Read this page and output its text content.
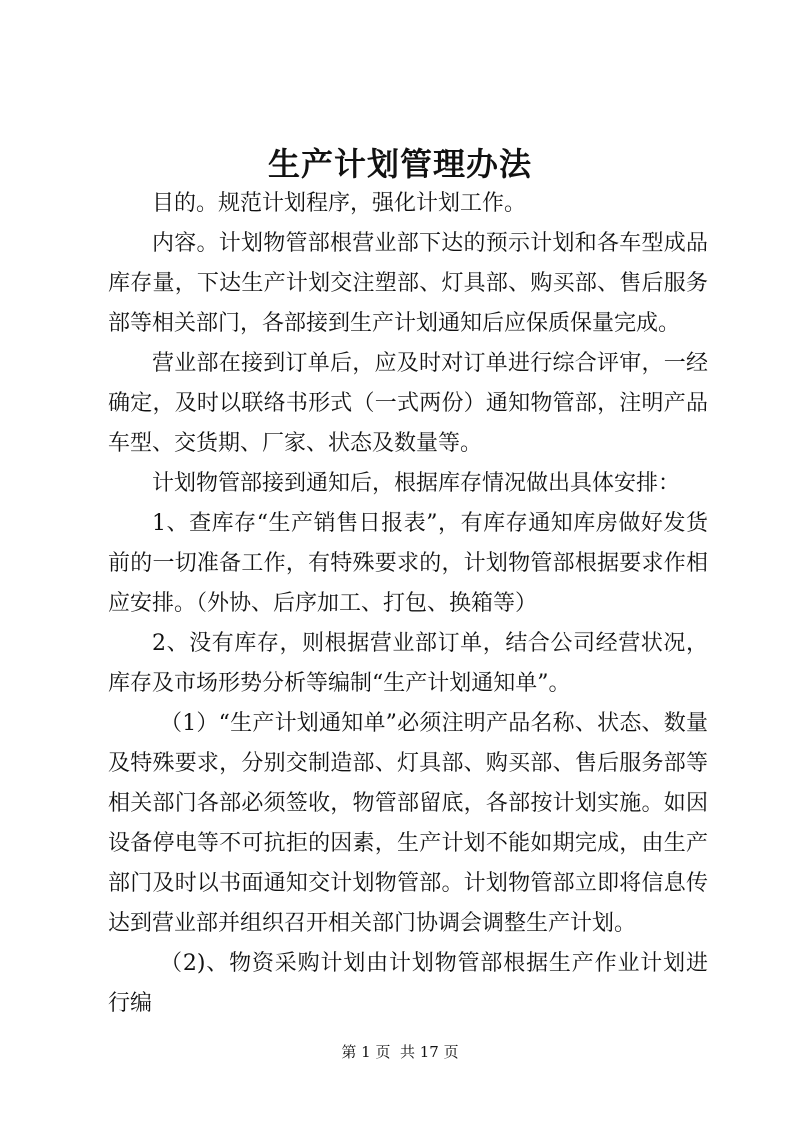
生产计划管理办法

目的。规范计划程序，强化计划工作。

内容。计划物管部根营业部下达的预示计划和各车型成品库存量，下达生产计划交注塑部、灯具部、购买部、售后服务部等相关部门，各部接到生产计划通知后应保质保量完成。

营业部在接到订单后，应及时对订单进行综合评审，一经确定，及时以联络书形式（一式两份）通知物管部，注明产品车型、交货期、厂家、状态及数量等。

计划物管部接到通知后，根据库存情况做出具体安排：

1、查库存“生产销售日报表”，有库存通知库房做好发货前的一切准备工作，有特殊要求的，计划物管部根据要求作相应安排。（外协、后序加工、打包、换箱等）

2、没有库存，则根据营业部订单，结合公司经营状况，库存及市场形势分析等编制“生产计划通知单”。

（1）“生产计划通知单”必须注明产品名称、状态、数量及特殊要求，分别交制造部、灯具部、购买部、售后服务部等相关部门各部必须签收，物管部留底，各部按计划实施。如因设备停电等不可抗拒的因素，生产计划不能如期完成，由生产部门及时以书面通知交计划物管部。计划物管部立即将信息传达到营业部并组织召开相关部门协调会调整生产计划。

（2)、物资采购计划由计划物管部根据生产作业计划进行编

第 1 页  共 17 页
